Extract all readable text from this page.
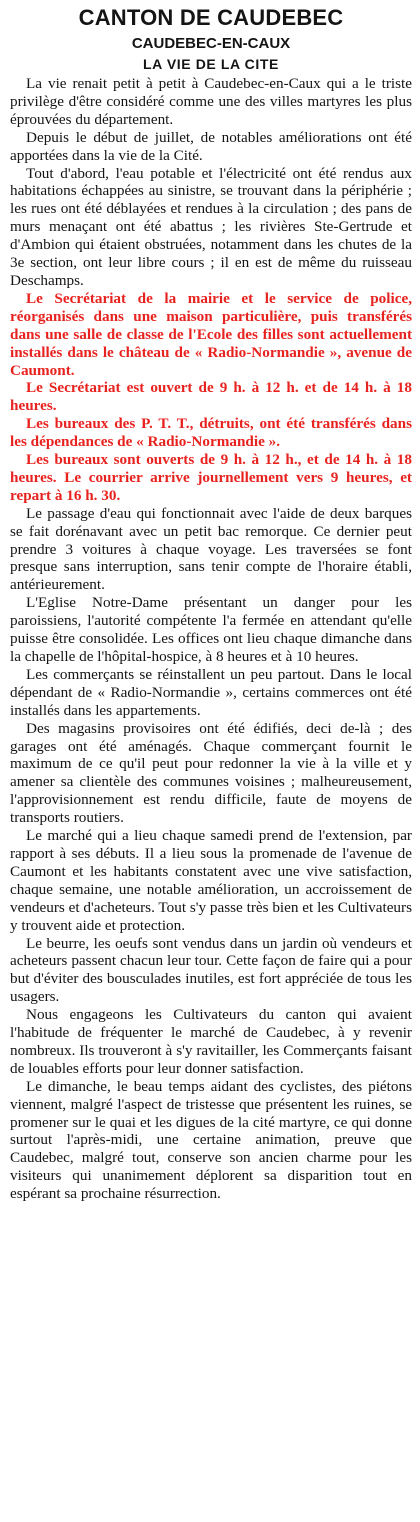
CANTON DE CAUDEBEC
CAUDEBEC-EN-CAUX
LA VIE DE LA CITE

La vie renait petit à petit à Caudebec-en-Caux qui a le triste privilège d'être considéré comme une des villes martyres les plus éprouvées du département.

Depuis le début de juillet, de notables améliorations ont été apportées dans la vie de la Cité.

Tout d'abord, l'eau potable et l'électricité ont été rendus aux habitations échappées au sinistre, se trouvant dans la périphérie ; les rues ont été déblayées et rendues à la circulation ; des pans de murs menaçant ont été abattus ; les rivières Ste-Gertrude et d'Ambion qui étaient obstruées, notamment dans les chutes de la 3e section, ont leur libre cours ; il en est de même du ruisseau Deschamps.

Le Secrétariat de la mairie et le service de police, réorganisés dans une maison particulière, puis transférés dans une salle de classe de l'Ecole des filles sont actuellement installés dans le château de « Radio-Normandie », avenue de Caumont.

Le Secrétariat est ouvert de 9 h. à 12 h. et de 14 h. à 18 heures.

Les bureaux des P. T. T., détruits, ont été transférés dans les dépendances de « Radio-Normandie ».

Les bureaux sont ouverts de 9 h. à 12 h., et de 14 h. à 18 heures. Le courrier arrive journellement vers 9 heures, et repart à 16 h. 30.

Le passage d'eau qui fonctionnait avec l'aide de deux barques se fait dorénavant avec un petit bac remorque. Ce dernier peut prendre 3 voitures à chaque voyage. Les traversées se font presque sans interruption, sans tenir compte de l'horaire établi, antérieurement.

L'Eglise Notre-Dame présentant un danger pour les paroissiens, l'autorité compétente l'a fermée en attendant qu'elle puisse être consolidée. Les offices ont lieu chaque dimanche dans la chapelle de l'hôpital-hospice, à 8 heures et à 10 heures.

Les commerçants se réinstallent un peu partout. Dans le local dépendant de « Radio-Normandie », certains commerces ont été installés dans les appartements.

Des magasins provisoires ont été édifiés, deci de-là ; des garages ont été aménagés. Chaque commerçant fournit le maximum de ce qu'il peut pour redonner la vie à la ville et y amener sa clientèle des communes voisines ; malheureusement, l'approvisionnement est rendu difficile, faute de moyens de transports routiers.

Le marché qui a lieu chaque samedi prend de l'extension, par rapport à ses débuts. Il a lieu sous la promenade de l'avenue de Caumont et les habitants constatent avec une vive satisfaction, chaque semaine, une notable amélioration, un accroissement de vendeurs et d'acheteurs. Tout s'y passe très bien et les Cultivateurs y trouvent aide et protection.

Le beurre, les oeufs sont vendus dans un jardin où vendeurs et acheteurs passent chacun leur tour. Cette façon de faire qui a pour but d'éviter des bousculades inutiles, est fort appréciée de tous les usagers.

Nous engageons les Cultivateurs du canton qui avaient l'habitude de fréquenter le marché de Caudebec, à y revenir nombreux. Ils trouveront à s'y ravitailler, les Commerçants faisant de louables efforts pour leur donner satisfaction.

Le dimanche, le beau temps aidant des cyclistes, des piétons viennent, malgré l'aspect de tristesse que présentent les ruines, se promener sur le quai et les digues de la cité martyre, ce qui donne surtout l'après-midi, une certaine animation, preuve que Caudebec, malgré tout, conserve son ancien charme pour les visiteurs qui unanimement déplorent sa disparition tout en espérant sa prochaine résurrection.
